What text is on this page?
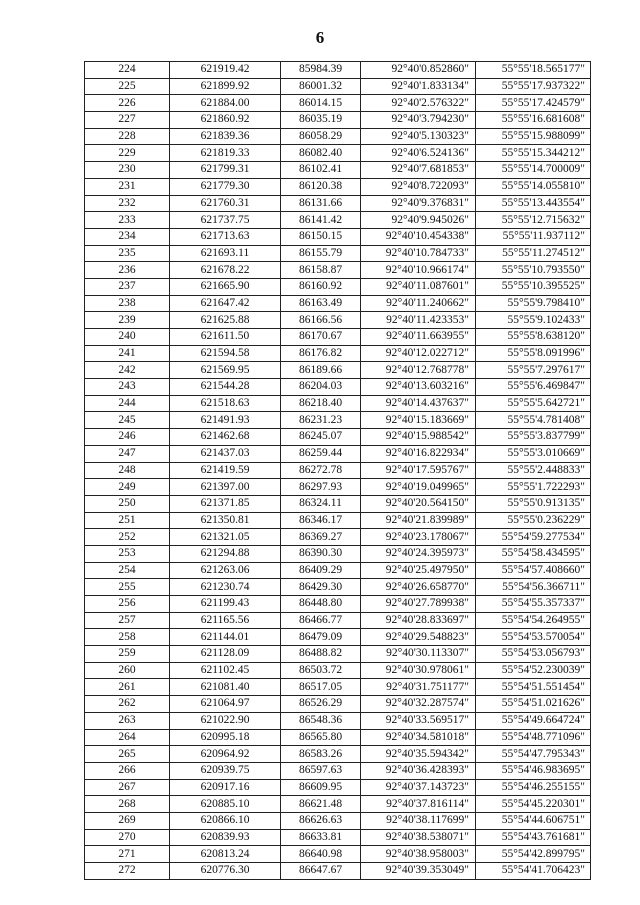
6
224	621919.42	85984.39	92°40'0.852860"	55°55'18.565177"
225	621899.92	86001.32	92°40'1.833134"	55°55'17.937322"
226	621884.00	86014.15	92°40'2.576322"	55°55'17.424579"
227	621860.92	86035.19	92°40'3.794230"	55°55'16.681608"
228	621839.36	86058.29	92°40'5.130323"	55°55'15.988099"
229	621819.33	86082.40	92°40'6.524136"	55°55'15.344212"
230	621799.31	86102.41	92°40'7.681853"	55°55'14.700009"
231	621779.30	86120.38	92°40'8.722093"	55°55'14.055810"
232	621760.31	86131.66	92°40'9.376831"	55°55'13.443554"
233	621737.75	86141.42	92°40'9.945026"	55°55'12.715632"
234	621713.63	86150.15	92°40'10.454338"	55°55'11.937112"
235	621693.11	86155.79	92°40'10.784733"	55°55'11.274512"
236	621678.22	86158.87	92°40'10.966174"	55°55'10.793550"
237	621665.90	86160.92	92°40'11.087601"	55°55'10.395525"
238	621647.42	86163.49	92°40'11.240662"	55°55'9.798410"
239	621625.88	86166.56	92°40'11.423353"	55°55'9.102433"
240	621611.50	86170.67	92°40'11.663955"	55°55'8.638120"
241	621594.58	86176.82	92°40'12.022712"	55°55'8.091996"
242	621569.95	86189.66	92°40'12.768778"	55°55'7.297617"
243	621544.28	86204.03	92°40'13.603216"	55°55'6.469847"
244	621518.63	86218.40	92°40'14.437637"	55°55'5.642721"
245	621491.93	86231.23	92°40'15.183669"	55°55'4.781408"
246	621462.68	86245.07	92°40'15.988542"	55°55'3.837799"
247	621437.03	86259.44	92°40'16.822934"	55°55'3.010669"
248	621419.59	86272.78	92°40'17.595767"	55°55'2.448833"
249	621397.00	86297.93	92°40'19.049965"	55°55'1.722293"
250	621371.85	86324.11	92°40'20.564150"	55°55'0.913135"
251	621350.81	86346.17	92°40'21.839989"	55°55'0.236229"
252	621321.05	86369.27	92°40'23.178067"	55°54'59.277534"
253	621294.88	86390.30	92°40'24.395973"	55°54'58.434595"
254	621263.06	86409.29	92°40'25.497950"	55°54'57.408660"
255	621230.74	86429.30	92°40'26.658770"	55°54'56.366711"
256	621199.43	86448.80	92°40'27.789938"	55°54'55.357337"
257	621165.56	86466.77	92°40'28.833697"	55°54'54.264955"
258	621144.01	86479.09	92°40'29.548823"	55°54'53.570054"
259	621128.09	86488.82	92°40'30.113307"	55°54'53.056793"
260	621102.45	86503.72	92°40'30.978061"	55°54'52.230039"
261	621081.40	86517.05	92°40'31.751177"	55°54'51.551454"
262	621064.97	86526.29	92°40'32.287574"	55°54'51.021626"
263	621022.90	86548.36	92°40'33.569517"	55°54'49.664724"
264	620995.18	86565.80	92°40'34.581018"	55°54'48.771096"
265	620964.92	86583.26	92°40'35.594342"	55°54'47.795343"
266	620939.75	86597.63	92°40'36.428393"	55°54'46.983695"
267	620917.16	86609.95	92°40'37.143723"	55°54'46.255155"
268	620885.10	86621.48	92°40'37.816114"	55°54'45.220301"
269	620866.10	86626.63	92°40'38.117699"	55°54'44.606751"
270	620839.93	86633.81	92°40'38.538071"	55°54'43.761681"
271	620813.24	86640.98	92°40'38.958003"	55°54'42.899795"
272	620776.30	86647.67	92°40'39.353049"	55°54'41.706423"
